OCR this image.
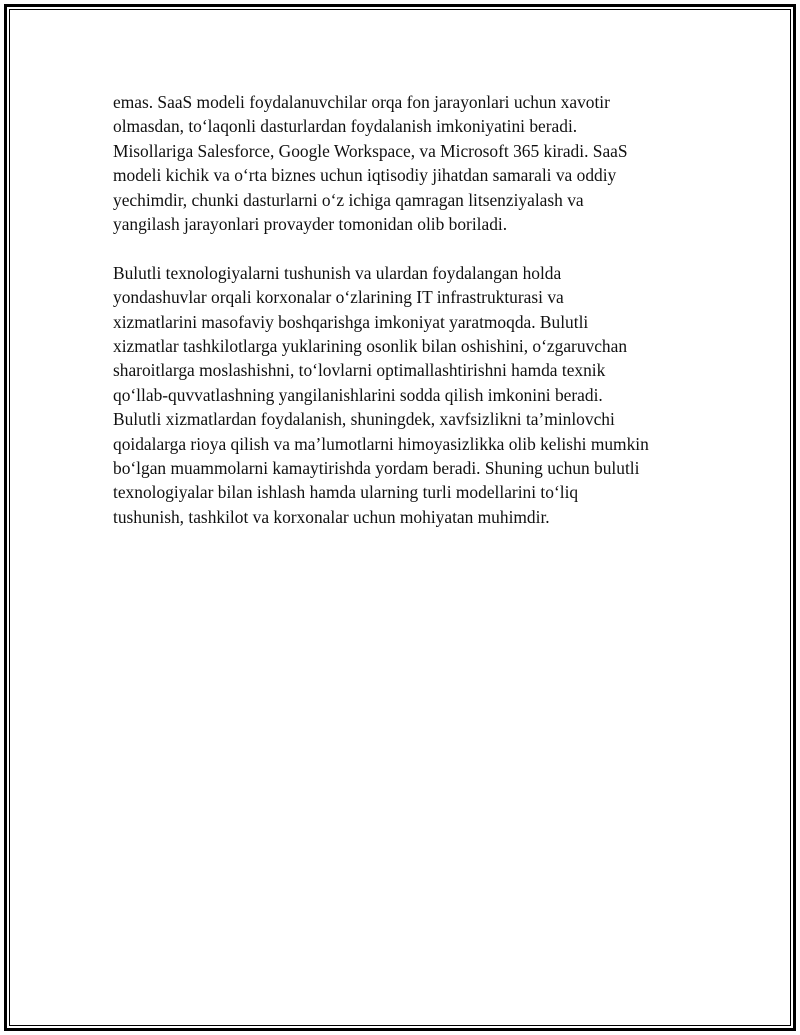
emas. SaaS modeli foydalanuvchilar orqa fon jarayonlari uchun xavotir
olmasdan, to‘laqonli dasturlardan foydalanish imkoniyatini beradi.
Misollariga Salesforce, Google Workspace, va Microsoft 365 kiradi. SaaS
modeli kichik va o‘rta biznes uchun iqtisodiy jihatdan samarali va oddiy
yechimdir, chunki dasturlarni o‘z ichiga qamragan litsenziyalash va
yangilash jarayonlari provayder tomonidan olib boriladi.

Bulutli texnologiyalarni tushunish va ulardan foydalangan holda
yondashuvlar orqali korxonalar o‘zlarining IT infrastrukturasi va
xizmatlarini masofaviy boshqarishga imkoniyat yaratmoqda. Bulutli
xizmatlar tashkilotlarga yuklarining osonlik bilan oshishini, o‘zgaruvchan
sharoitlarga moslashishni, to‘lovlarni optimallashtirishni hamda texnik
qo‘llab-quvvatlashning yangilanishlarini sodda qilish imkonini beradi.
Bulutli xizmatlardan foydalanish, shuningdek, xavfsizlikni ta’minlovchi
qoidalarga rioya qilish va ma’lumotlarni himoyasizlikka olib kelishi mumkin
bo‘lgan muammolarni kamaytirishda yordam beradi. Shuning uchun bulutli
texnologiyalar bilan ishlash hamda ularning turli modellarini to‘liq
tushunish, tashkilot va korxonalar uchun mohiyatan muhimdir.
